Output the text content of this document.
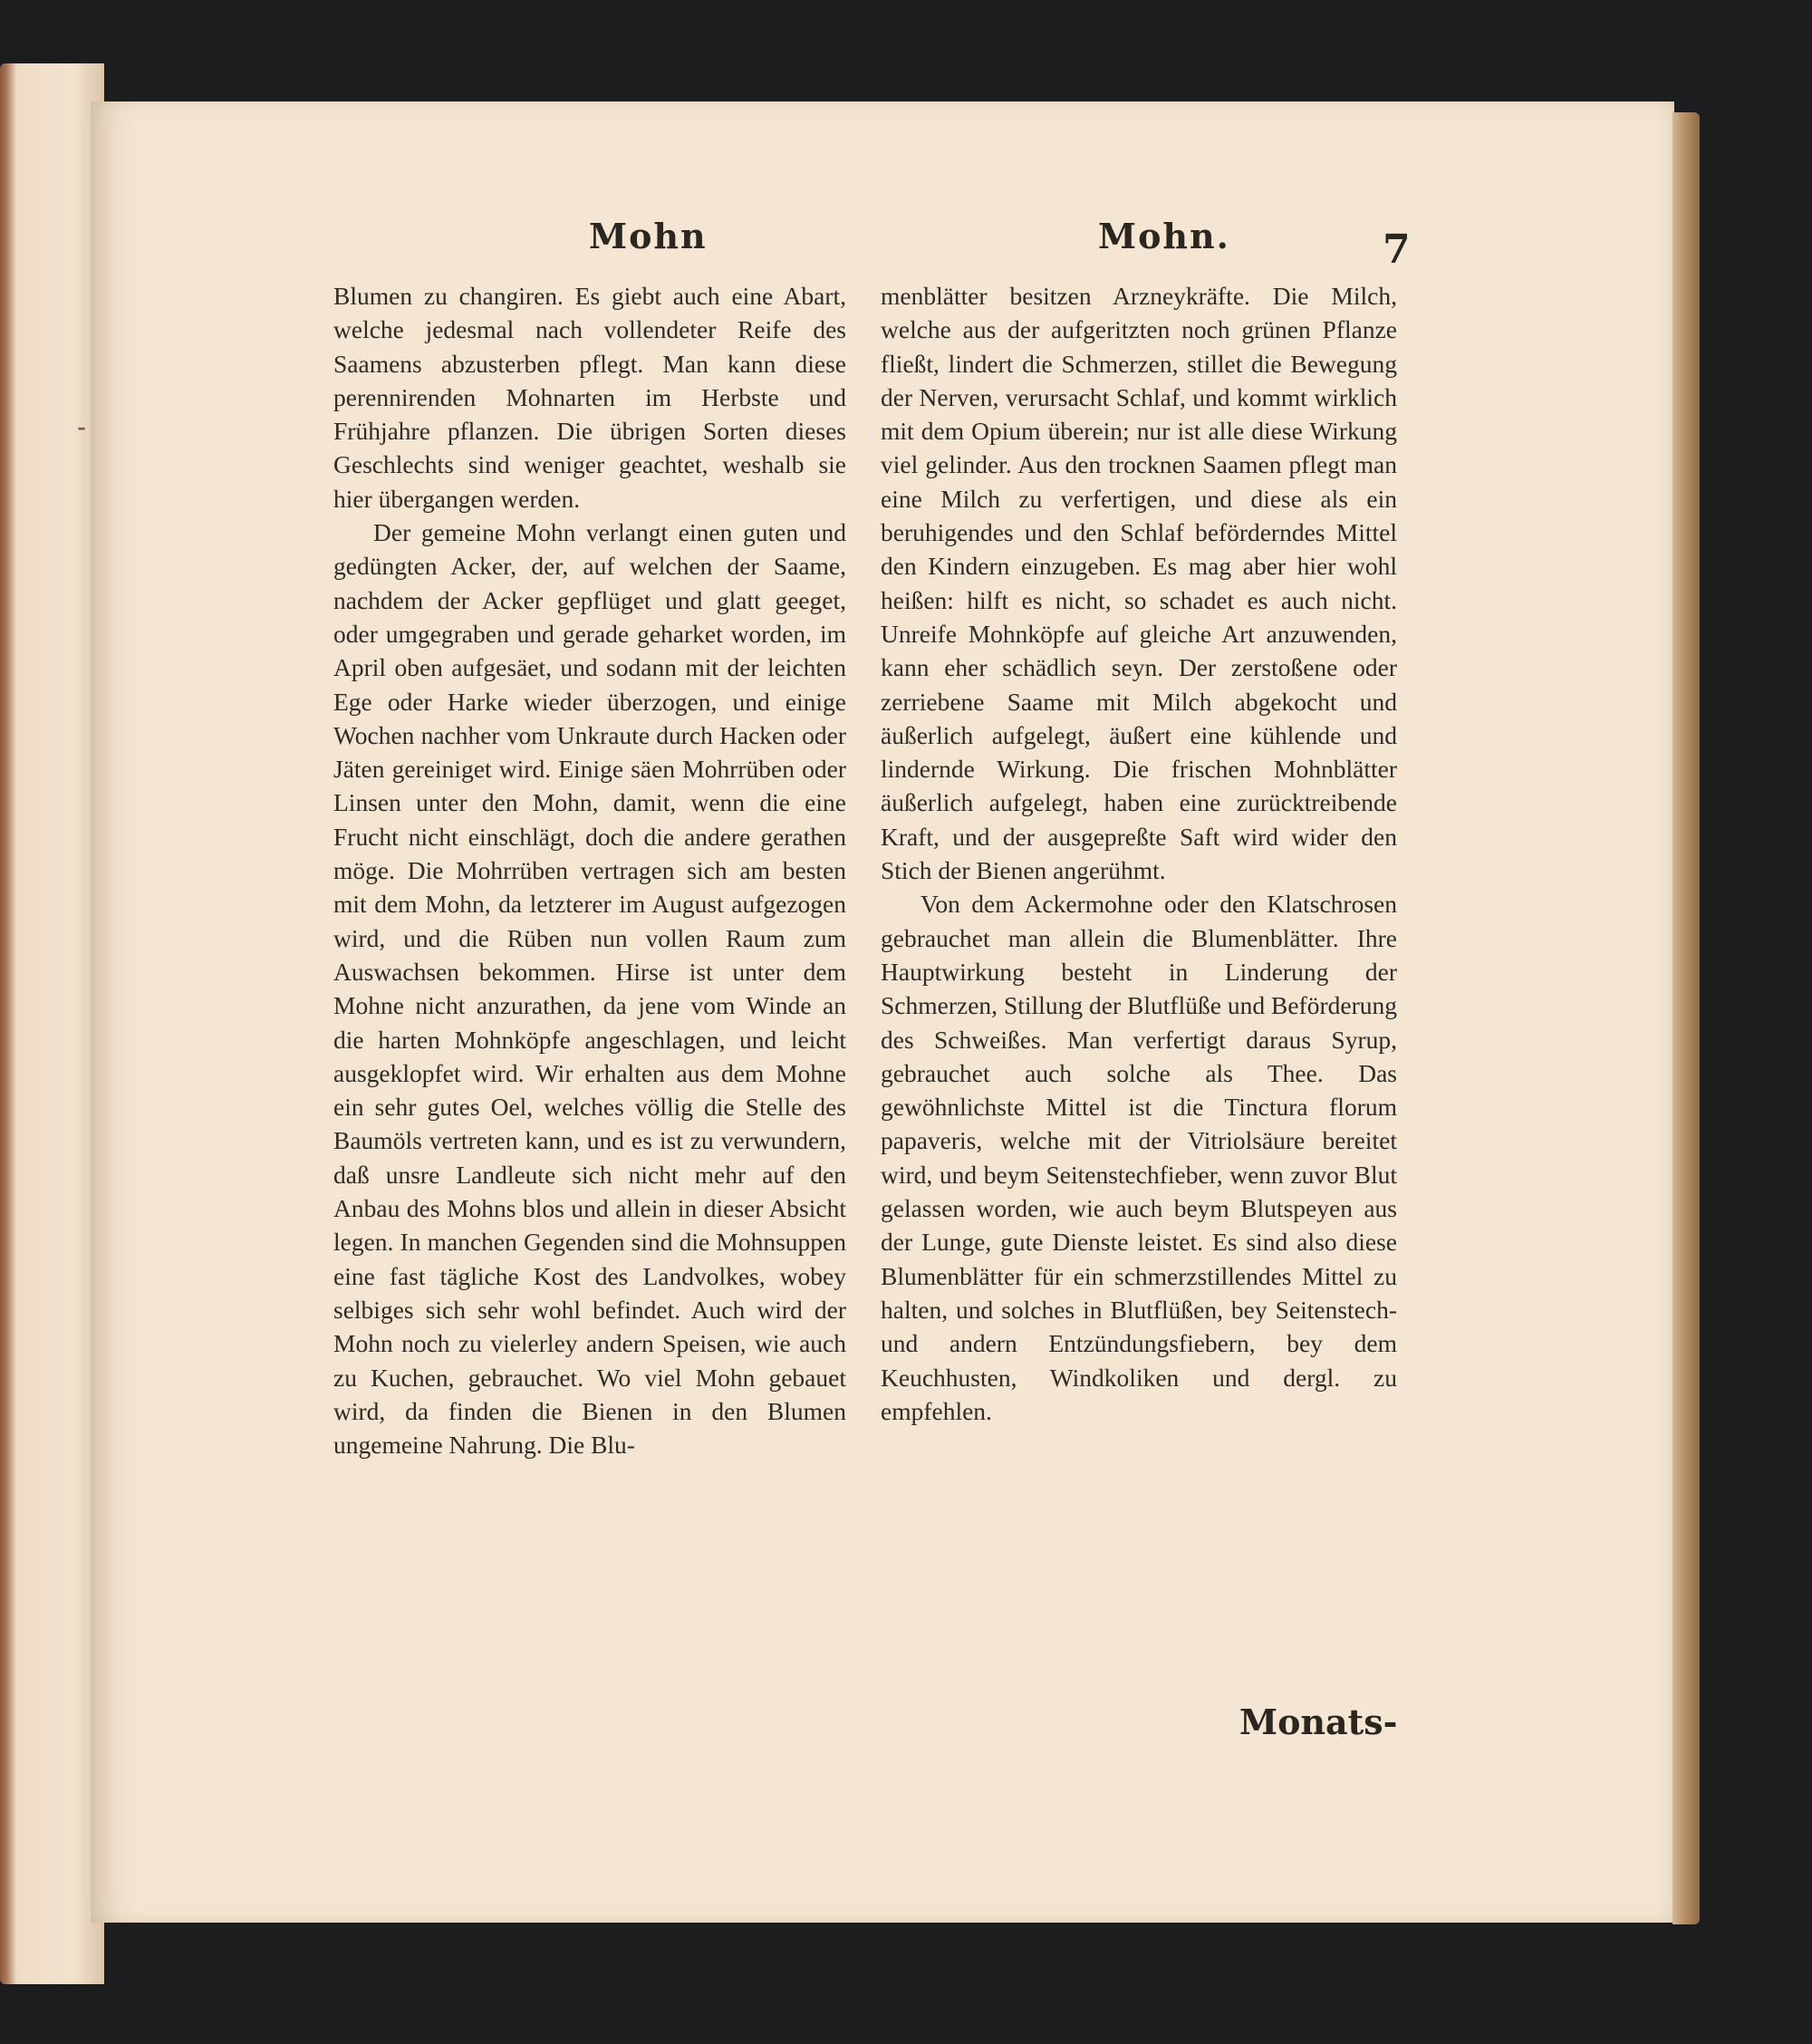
Mohn	Mohn.	7

Blumen zu changiren. Es giebt auch eine Abart, welche jedesmal nach vollendeter Reife des Saamens abzusterben pflegt. Man kann diese perennirenden Mohnarten im Herbste und Frühjahre pflanzen. Die übrigen Sorten dieses Geschlechts sind weniger geachtet, weshalb sie hier übergangen werden.

Der gemeine Mohn verlangt einen guten und gedüngten Acker, der, auf welchen der Saame, nachdem der Acker gepflüget und glatt geeget, oder umgegraben und gerade geharket worden, im April oben aufgesäet, und sodann mit der leichten Ege oder Harke wieder überzogen, und einige Wochen nachher vom Unkraute durch Hacken oder Jäten gereiniget wird. Einige säen Mohrrüben oder Linsen unter den Mohn, damit, wenn die eine Frucht nicht einschlägt, doch die andere gerathen möge. Die Mohrrüben vertragen sich am besten mit dem Mohn, da letzterer im August aufgezogen wird, und die Rüben nun vollen Raum zum Auswachsen bekommen. Hirse ist unter dem Mohne nicht anzurathen, da jene vom Winde an die harten Mohnköpfe angeschlagen, und leicht ausgeklopfet wird. Wir erhalten aus dem Mohne ein sehr gutes Oel, welches völlig die Stelle des Baumöls vertreten kann, und es ist zu verwundern, daß unsre Landleute sich nicht mehr auf den Anbau des Mohns blos und allein in dieser Absicht legen. In manchen Gegenden sind die Mohnsuppen eine fast tägliche Kost des Landvolkes, wobey selbiges sich sehr wohl befindet. Auch wird der Mohn noch zu vielerley andern Speisen, wie auch zu Kuchen, gebrauchet. Wo viel Mohn gebauet wird, da finden die Bienen in den Blumen ungemeine Nahrung. Die Blu-

menblätter besitzen Arzneykräfte. Die Milch, welche aus der aufgeritzten noch grünen Pflanze fließt, lindert die Schmerzen, stillet die Bewegung der Nerven, verursacht Schlaf, und kommt wirklich mit dem Opium überein; nur ist alle diese Wirkung viel gelinder. Aus den trocknen Saamen pflegt man eine Milch zu verfertigen, und diese als ein beruhigendes und den Schlaf beförderndes Mittel den Kindern einzugeben. Es mag aber hier wohl heißen: hilft es nicht, so schadet es auch nicht. Unreife Mohnköpfe auf gleiche Art anzuwenden, kann eher schädlich seyn. Der zerstoßene oder zerriebene Saame mit Milch abgekocht und äußerlich aufgelegt, äußert eine kühlende und lindernde Wirkung. Die frischen Mohnblätter äußerlich aufgelegt, haben eine zurücktreibende Kraft, und der ausgepreßte Saft wird wider den Stich der Bienen angerühmt.

Von dem Ackermohne oder den Klatschrosen gebrauchet man allein die Blumenblätter. Ihre Hauptwirkung besteht in Linderung der Schmerzen, Stillung der Blutflüße und Beförderung des Schweißes. Man verfertigt daraus Syrup, gebrauchet auch solche als Thee. Das gewöhnlichste Mittel ist die Tinctura florum papaveris, welche mit der Vitriolsäure bereitet wird, und beym Seitenstechfieber, wenn zuvor Blut gelassen worden, wie auch beym Blutspeyen aus der Lunge, gute Dienste leistet. Es sind also diese Blumenblätter für ein schmerzstillendes Mittel zu halten, und solches in Blutflüßen, bey Seitenstech- und andern Entzündungsfiebern, bey dem Keuchhusten, Windkoliken und dergl. zu empfehlen.

Monats-
⁃
